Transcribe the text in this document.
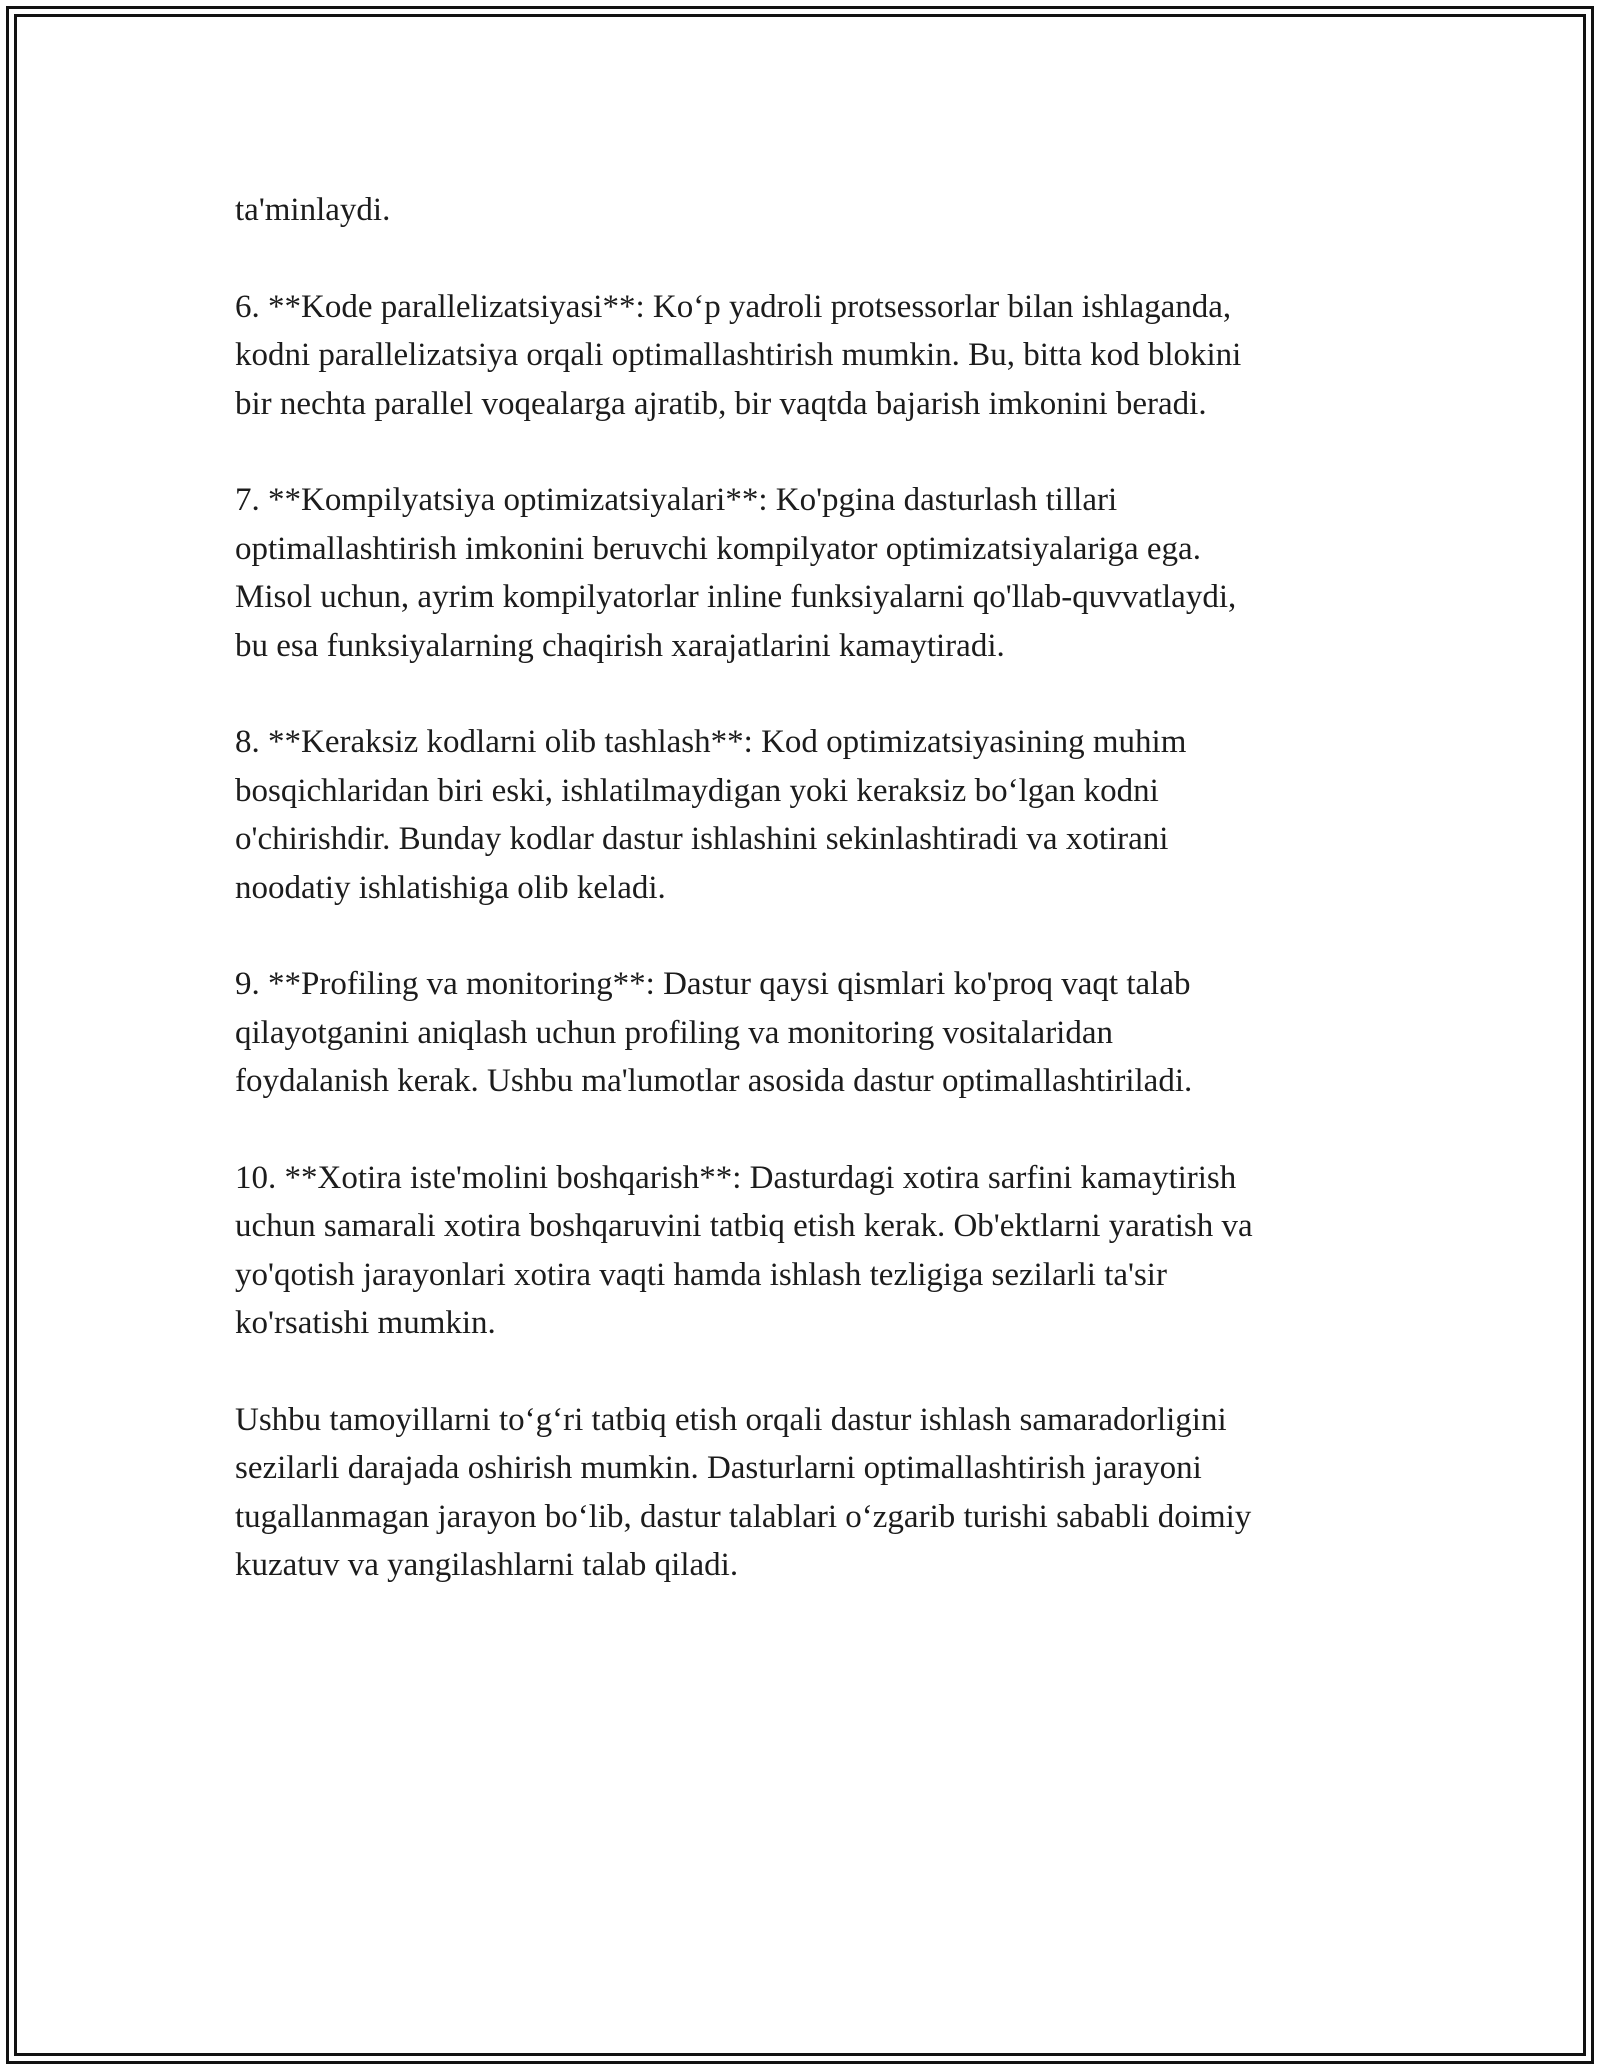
ta'minlaydi.

6. **Kode parallelizatsiyasi**: Koʻp yadroli protsessorlar bilan ishlaganda,
kodni parallelizatsiya orqali optimallashtirish mumkin. Bu, bitta kod blokini
bir nechta parallel voqealarga ajratib, bir vaqtda bajarish imkonini beradi.

7. **Kompilyatsiya optimizatsiyalari**: Ko'pgina dasturlash tillari
optimallashtirish imkonini beruvchi kompilyator optimizatsiyalariga ega.
Misol uchun, ayrim kompilyatorlar inline funksiyalarni qo'llab-quvvatlaydi,
bu esa funksiyalarning chaqirish xarajatlarini kamaytiradi.

8. **Keraksiz kodlarni olib tashlash**: Kod optimizatsiyasining muhim
bosqichlaridan biri eski, ishlatilmaydigan yoki keraksiz boʻlgan kodni
o'chirishdir. Bunday kodlar dastur ishlashini sekinlashtiradi va xotirani
noodatiy ishlatishiga olib keladi.

9. **Profiling va monitoring**: Dastur qaysi qismlari ko'proq vaqt talab
qilayotganini aniqlash uchun profiling va monitoring vositalaridan
foydalanish kerak. Ushbu ma'lumotlar asosida dastur optimallashtiriladi.

10. **Xotira iste'molini boshqarish**: Dasturdagi xotira sarfini kamaytirish
uchun samarali xotira boshqaruvini tatbiq etish kerak. Ob'ektlarni yaratish va
yo'qotish jarayonlari xotira vaqti hamda ishlash tezligiga sezilarli ta'sir
ko'rsatishi mumkin.

Ushbu tamoyillarni toʻgʻri tatbiq etish orqali dastur ishlash samaradorligini
sezilarli darajada oshirish mumkin. Dasturlarni optimallashtirish jarayoni
tugallanmagan jarayon boʻlib, dastur talablari oʻzgarib turishi sababli doimiy
kuzatuv va yangilashlarni talab qiladi.
